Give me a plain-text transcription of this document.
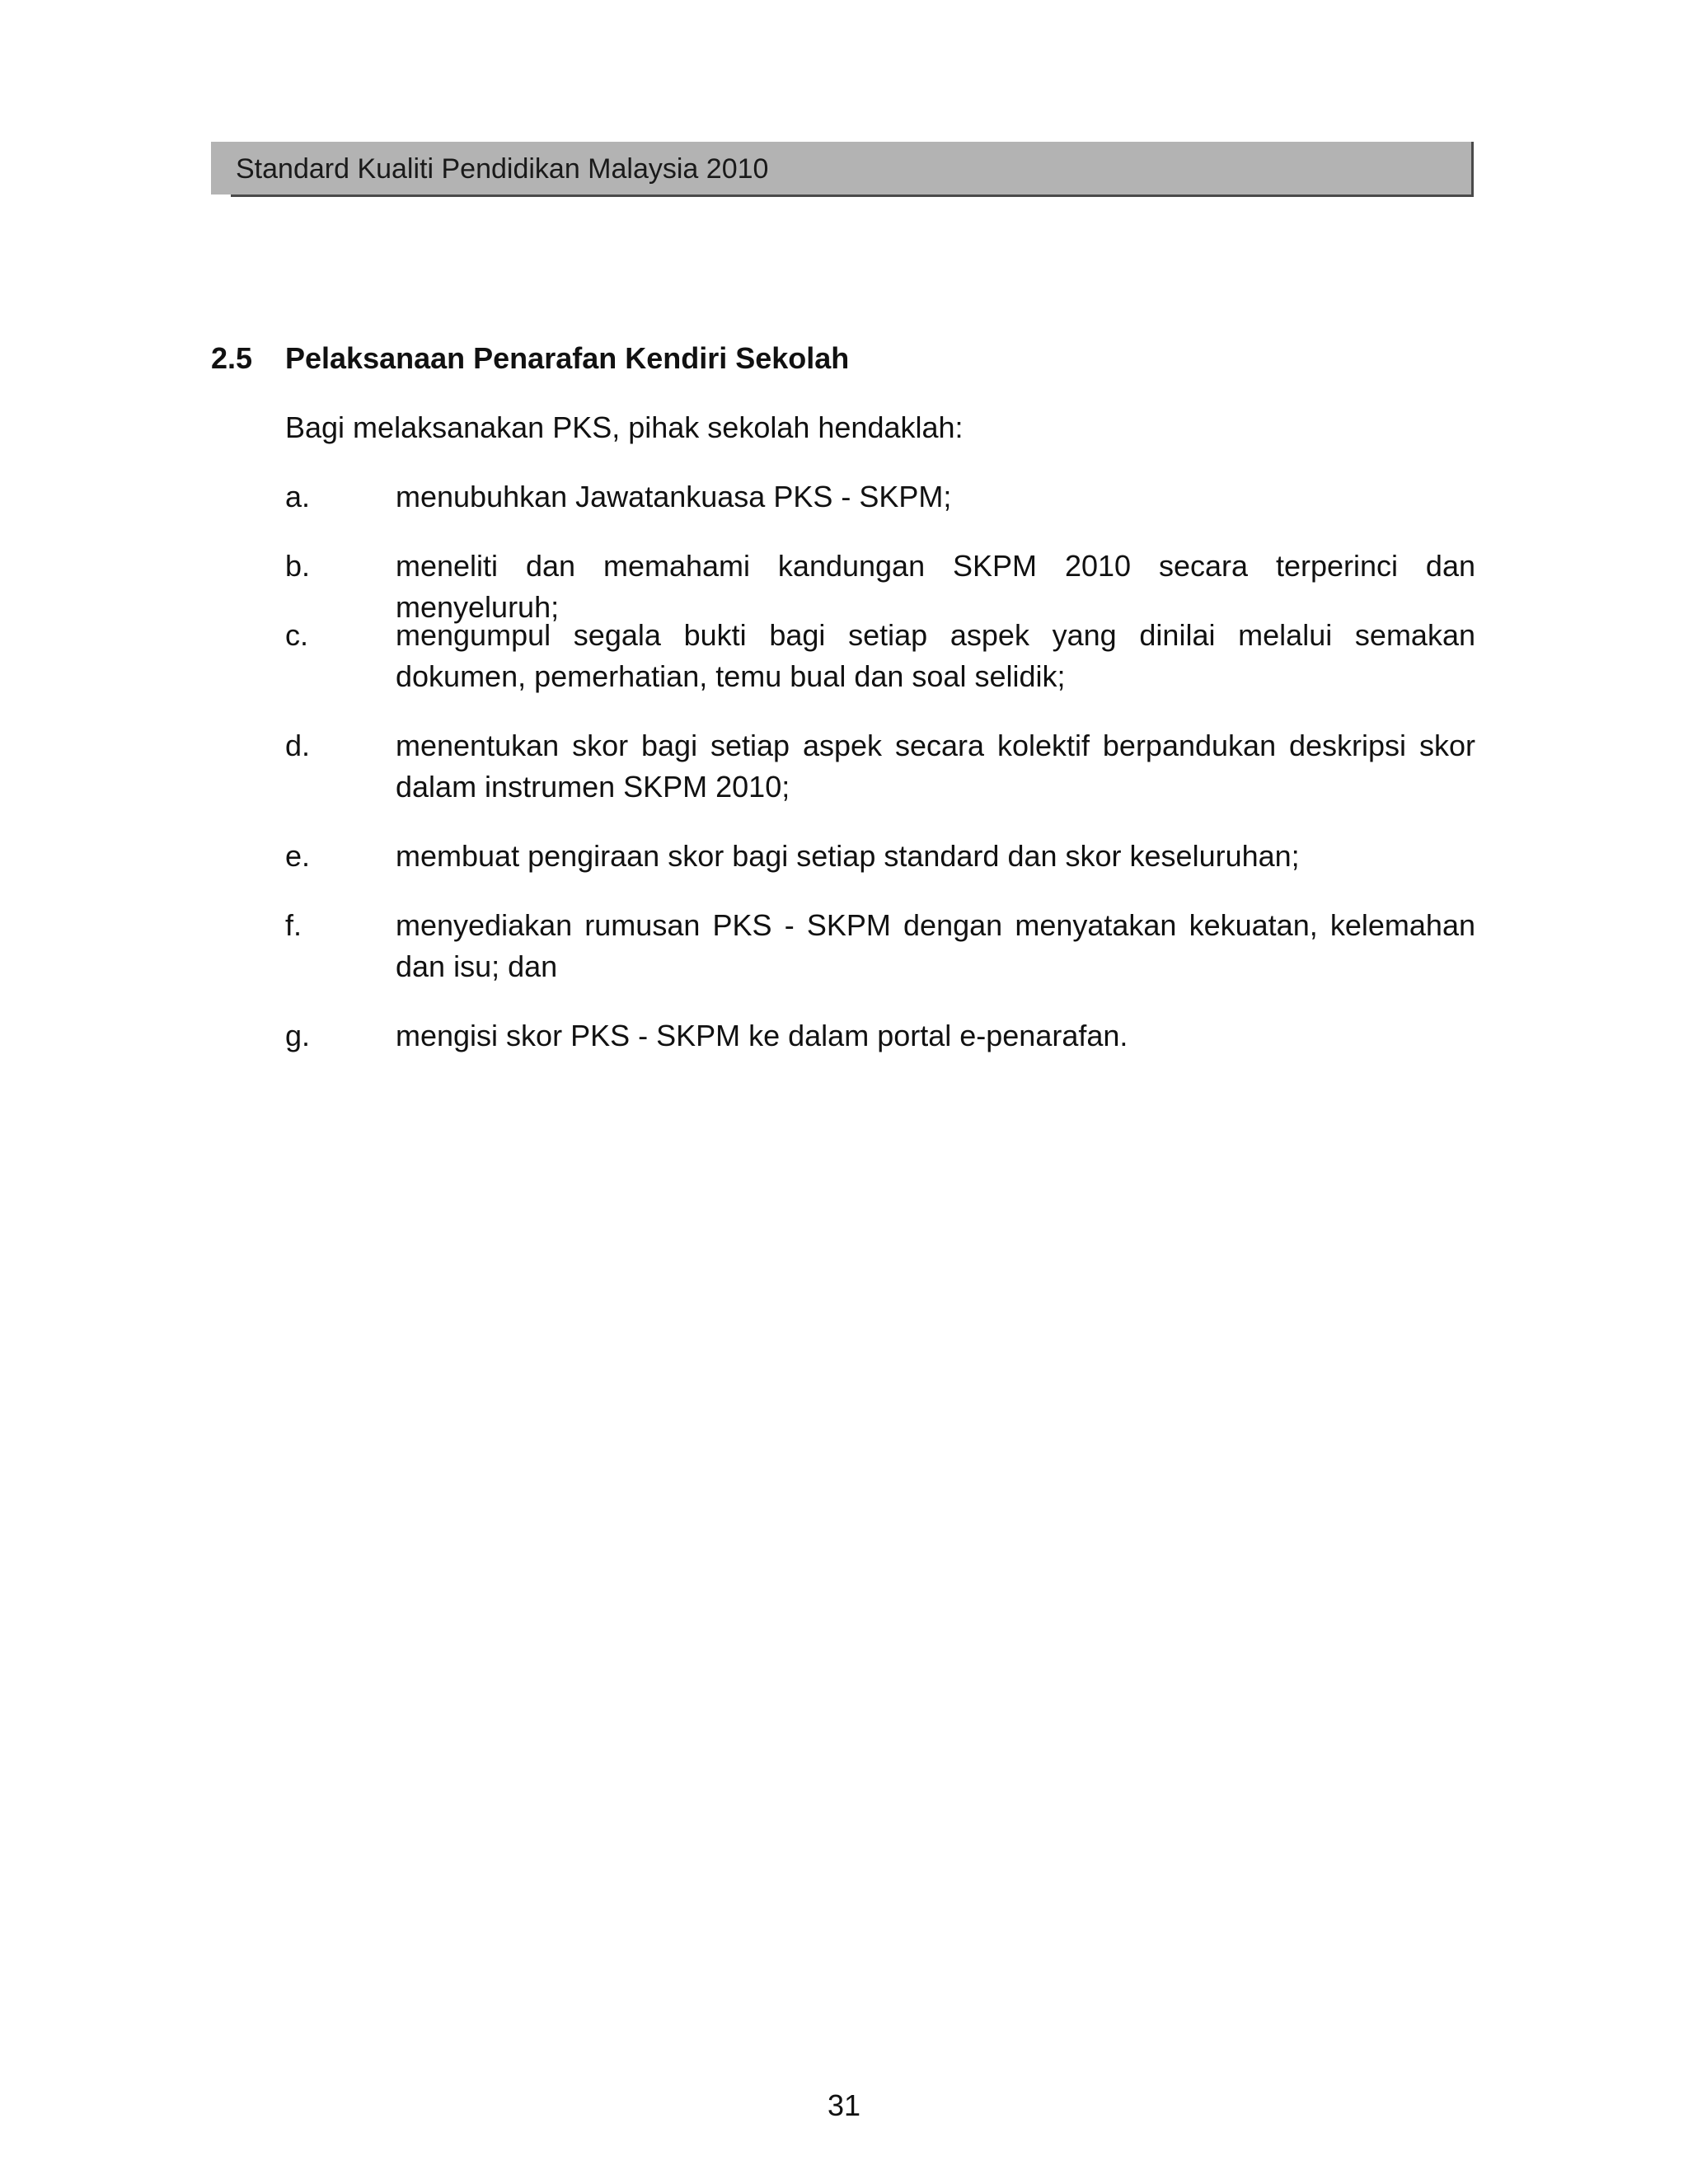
Standard Kualiti Pendidikan Malaysia 2010
2.5 Pelaksanaan Penarafan Kendiri Sekolah
Bagi melaksanakan PKS, pihak sekolah hendaklah:
a.	menubuhkan Jawatankuasa PKS - SKPM;
b.	meneliti dan memahami kandungan SKPM 2010 secara terperinci dan menyeluruh;
c.	mengumpul segala bukti bagi setiap aspek yang dinilai melalui semakan dokumen, pemerhatian, temu bual dan soal selidik;
d.	menentukan skor bagi setiap aspek secara kolektif berpandukan deskripsi skor dalam instrumen SKPM 2010;
e.	membuat pengiraan skor bagi setiap standard dan skor keseluruhan;
f.	menyediakan rumusan PKS - SKPM dengan menyatakan kekuatan, kelemahan dan isu; dan
g.	mengisi skor PKS - SKPM ke dalam portal e-penarafan.
31
